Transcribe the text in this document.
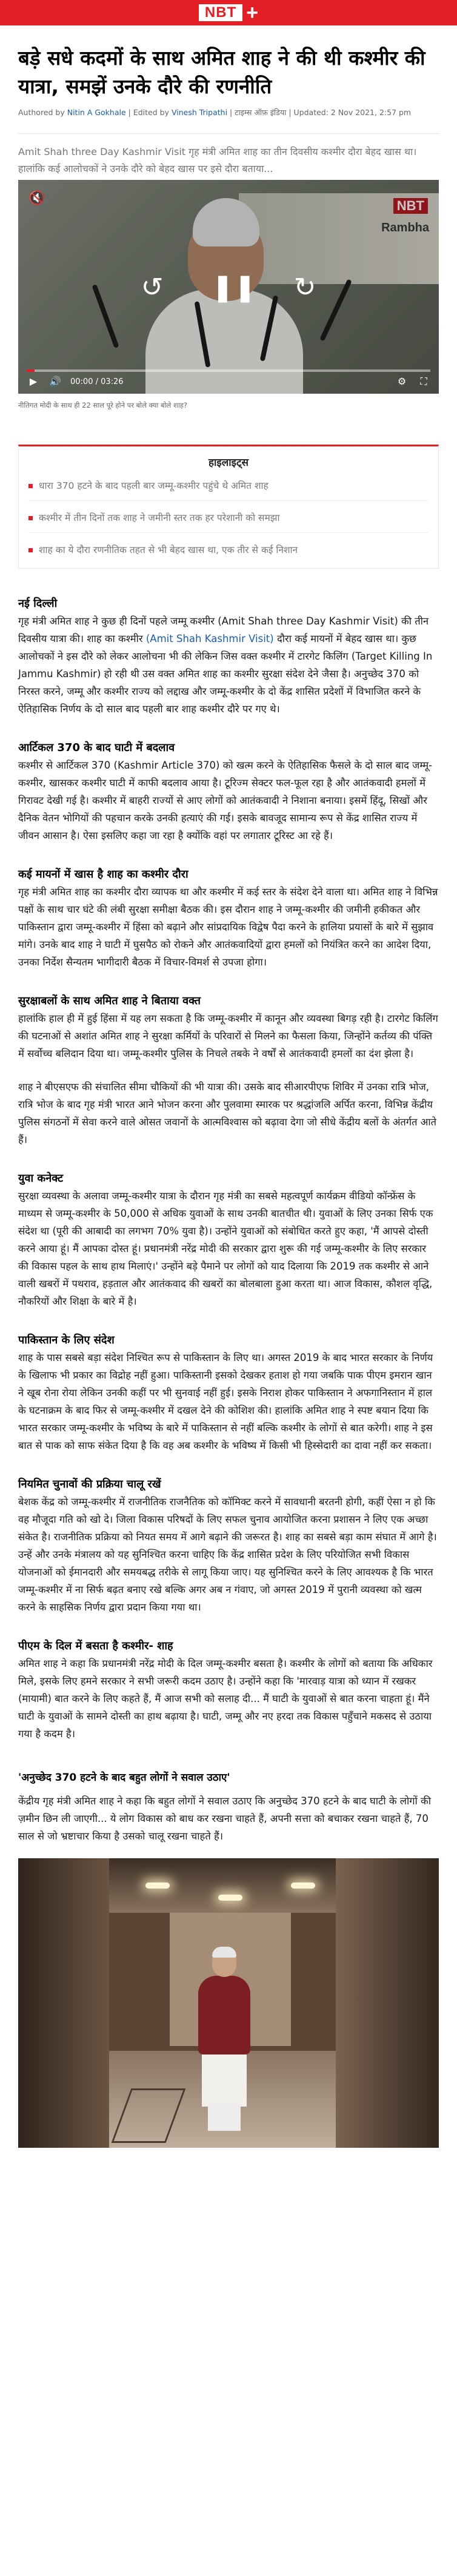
NBT +
बड़े सधे कदमों के साथ अमित शाह ने की थी कश्मीर की यात्रा, समझें उनके दौरे की रणनीति
Authored by Nitin A Gokhale | Edited by Vinesh Tripathi | टाइम्स ऑफ़ इंडिया | Updated: 2 Nov 2021, 2:57 pm

Amit Shah three Day Kashmir Visit गृह मंत्री अमित शाह का तीन दिवसीय कश्मीर दौरा बेहद खास था। हालांकि कई आलोचकों ने उनके दौरे को बेहद खास पर इसे दौरा बताया...

NBT
Rambha
🔇
↺ ❚❚ ↻
▶	🔊 00:00 / 03:26	⚙	⛶

नीतिगत मोदी के साथ ही 22 साल पूरे होने पर बोले क्या बोले शाह?

हाइलाइट्स
धारा 370 हटने के बाद पहली बार जम्मू-कश्मीर पहुंचे थे अमित शाह
कश्मीर में तीन दिनों तक शाह ने जमीनी स्तर तक हर परेशानी को समझा
शाह का ये दौरा रणनीतिक तहत से भी बेहद खास था, एक तीर से कई निशान
नई दिल्ली

गृह मंत्री अमित शाह ने कुछ ही दिनों पहले जम्मू कश्मीर (Amit Shah three Day Kashmir Visit) की तीन दिवसीय यात्रा की। शाह का कश्मीर (Amit Shah Kashmir Visit) दौरा कई मायनों में बेहद खास था। कुछ आलोचकों ने इस दौरे को लेकर आलोचना भी की लेकिन जिस वक्त कश्मीर में टारगेट किलिंग (Target Killing In Jammu Kashmir) हो रही थी उस वक्त अमित शाह का कश्मीर सुरक्षा संदेश देने जैसा है। अनुच्छेद 370 को निरस्त करने, जम्मू और कश्मीर राज्य को लद्दाख और जम्मू-कश्मीर के दो केंद्र शासित प्रदेशों में विभाजित करने के ऐतिहासिक निर्णय के दो साल बाद पहली बार शाह कश्मीर दौरे पर गए थे।

आर्टिकल 370 के बाद घाटी में बदलाव

कश्मीर से आर्टिकल 370 (Kashmir Article 370) को खत्म करने के ऐतिहासिक फैसले के दो साल बाद जम्मू-कश्मीर, खासकर कश्मीर घाटी में काफी बदलाव आया है। टूरिज्म सेक्टर फल-फूल रहा है और आतंकवादी हमलों में गिरावट देखी गई है। कश्मीर में बाहरी राज्यों से आए लोगों को आतंकवादी ने निशाना बनाया। इसमें हिंदू, सिखों और दैनिक वेतन भोगियों की पहचान करके उनकी हत्याएं की गई। इसके बावजूद सामान्य रूप से केंद्र शासित राज्य में जीवन आसान है। ऐसा इसलिए कहा जा रहा है क्योंकि वहां पर लगातार टूरिस्ट आ रहे हैं।

कई मायनों में खास है शाह का कश्मीर दौरा

गृह मंत्री अमित शाह का कश्मीर दौरा व्यापक था और कश्मीर में कई स्तर के संदेश देने वाला था। अमित शाह ने विभिन्न पक्षों के साथ चार घंटे की लंबी सुरक्षा समीक्षा बैठक की। इस दौरान शाह ने जम्मू-कश्मीर की जमीनी हकीकत और पाकिस्तान द्वारा जम्मू-कश्मीर में हिंसा को बढ़ाने और सांप्रदायिक विद्वेष पैदा करने के हालिया प्रयासों के बारे में सुझाव मांगे। उनके बाद शाह ने घाटी में घुसपैठ को रोकने और आतंकवादियों द्वारा हमलों को नियंत्रित करने का आदेश दिया, उनका निर्देश सैन्यतम भागीदारी बैठक में विचार-विमर्श से उपजा होगा।

सुरक्षाबलों के साथ अमित शाह ने बिताया वक्त

हालांकि हाल ही में हुई हिंसा में यह लग सकता है कि जम्मू-कश्मीर में कानून और व्यवस्था बिगड़ रही है। टारगेट किलिंग की घटनाओं से अशांत अमित शाह ने सुरक्षा कर्मियों के परिवारों से मिलने का फैसला किया, जिन्होंने कर्तव्य की पंक्ति में सर्वोच्च बलिदान दिया था। जम्मू-कश्मीर पुलिस के निचले तबके ने वर्षों से आतंकवादी हमलों का दंश झेला है।

शाह ने बीएसएफ की संचालित सीमा चौकियों की भी यात्रा की। उसके बाद सीआरपीएफ शिविर में उनका रात्रि भोज, रात्रि भोज के बाद गृह मंत्री भारत आने भोजन करना और पुलवामा स्मारक पर श्रद्धांजलि अर्पित करना, विभिन्न केंद्रीय पुलिस संगठनों में सेवा करने वाले ओसत जवानों के आत्मविश्वास को बढ़ावा देगा जो सीधे केंद्रीय बलों के अंतर्गत आते हैं।

युवा कनेक्ट

सुरक्षा व्यवस्था के अलावा जम्मू-कश्मीर यात्रा के दौरान गृह मंत्री का सबसे महत्वपूर्ण कार्यक्रम वीडियो कॉन्फ्रेंस के माध्यम से जम्मू-कश्मीर के 50,000 से अधिक युवाओं के साथ उनकी बातचीत थी। युवाओं के लिए उनका सिर्फ एक संदेश था (पूरी की आबादी का लगभग 70% युवा है)। उन्होंने युवाओं को संबोधित करते हुए कहा, 'मैं आपसे दोस्ती करने आया हूं। मैं आपका दोस्त हूं। प्रधानमंत्री नरेंद्र मोदी की सरकार द्वारा शुरू की गई जम्मू-कश्मीर के लिए सरकार की विकास पहल के साथ हाथ मिलाएं।' उन्होंने बड़े पैमाने पर लोगों को याद दिलाया कि 2019 तक कश्मीर से आने वाली खबरों में पथराव, हड़ताल और आतंकवाद की खबरों का बोलबाला हुआ करता था। आज विकास, कौशल वृद्धि, नौकरियों और शिक्षा के बारे में है।

पाकिस्तान के लिए संदेश

शाह के पास सबसे बड़ा संदेश निश्चित रूप से पाकिस्तान के लिए था। अगस्त 2019 के बाद भारत सरकार के निर्णय के खिलाफ भी प्रकार का विद्रोह नहीं हुआ। पाकिस्तानी इसको देखकर हताश हो गया जबकि पाक पीएम इमरान खान ने खूब रोना रोया लेकिन उनकी कहीं पर भी सुनवाई नहीं हुई। इसके निराश होकर पाकिस्तान ने अफगानिस्तान में हाल के घटनाक्रम के बाद फिर से जम्मू-कश्मीर में दखल देने की कोशिश की। हालांकि अमित शाह ने स्पष्ट बयान दिया कि भारत सरकार जम्मू-कश्मीर के भविष्य के बारे में पाकिस्तान से नहीं बल्कि कश्मीर के लोगों से बात करेगी। शाह ने इस बात से पाक को साफ संकेत दिया है कि वह अब कश्मीर के भविष्य में किसी भी हिस्सेदारी का दावा नहीं कर सकता।

नियमित चुनावों की प्रक्रिया चालू रखें

बेशक केंद्र को जम्मू-कश्मीर में राजनीतिक राजनैतिक को कॉमिक्ट करने में सावधानी बरतनी होगी, कहीं ऐसा न हो कि वह मौजूदा गति को खो दे। जिला विकास परिषदों के लिए सफल चुनाव आयोजित करना प्रशासन ने लिए एक अच्छा संकेत है। राजनीतिक प्रक्रिया को नियत समय में आगे बढ़ाने की जरूरत है। शाह का सबसे बड़ा काम संघात में आगे है। उन्हें और उनके मंत्रालय को यह सुनिश्चित करना चाहिए कि केंद्र शासित प्रदेश के लिए परियोजित सभी विकास योजनाओं को ईमानदारी और समयबद्ध तरीके से लागू किया जाए। यह सुनिश्चित करने के लिए आवश्यक है कि भारत जम्मू-कश्मीर में ना सिर्फ बढ़त बनाए रखे बल्कि अगर अब न गंवाए, जो अगस्त 2019 में पुरानी व्यवस्था को खत्म करने के साहसिक निर्णय द्वारा प्रदान किया गया था।

पीएम के दिल में बसता है कश्मीर- शाह

अमित शाह ने कहा कि प्रधानमंत्री नरेंद्र मोदी के दिल जम्मू-कश्मीर बसता है। कश्मीर के लोगों को बताया कि अधिकार मिले, इसके लिए हमने सरकार ने सभी जरूरी कदम उठाए है। उन्होंने कहा कि 'मारवाड़ यात्रा को ध्यान में रखकर (मायामी) बात करने के लिए कहते हैं, मैं आज सभी को सलाह दी... मैं घाटी के युवाओं से बात करना चाहता हूं। मैंने घाटी के युवाओं के सामने दोस्ती का हाथ बढ़ाया है। घाटी, जम्मू और नए हरदा तक विकास पहुँचाने मकसद से उठाया गया है कदम है।

'अनुच्छेद 370 हटने के बाद बहुत लोगों ने सवाल उठाए'

केंद्रीय गृह मंत्री अमित शाह ने कहा कि बहुत लोगों ने सवाल उठाए कि अनुच्छेद 370 हटने के बाद घाटी के लोगों की ज़मीन छिन ली जाएगी... ये लोग विकास को बाध कर रखना चाहते हैं, अपनी सत्ता को बचाकर रखना चाहते हैं, 70 साल से जो भ्रष्टाचार किया है उसको चालू रखना चाहते हैं।
